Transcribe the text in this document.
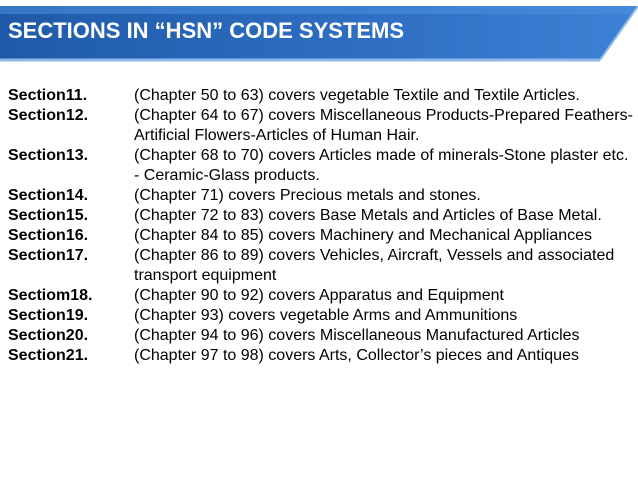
SECTIONS IN “HSN” CODE SYSTEMS
Section11.	(Chapter 50 to 63) covers vegetable Textile and Textile Articles.
Section12.	(Chapter 64 to 67) covers Miscellaneous Products-Prepared Feathers-Artificial Flowers-Articles of Human Hair.
Section13.	(Chapter 68 to 70) covers Articles made of minerals-Stone plaster etc. - Ceramic-Glass products.
Section14.	(Chapter 71) covers Precious metals and stones.
Section15.	(Chapter 72 to 83) covers Base Metals and Articles of Base Metal.
Section16.	(Chapter 84 to 85) covers Machinery and Mechanical Appliances
Section17.	(Chapter 86 to 89) covers Vehicles, Aircraft, Vessels and associated transport equipment
Sectiom18.	(Chapter 90 to 92) covers Apparatus and Equipment
Section19.	(Chapter 93) covers vegetable Arms and Ammunitions
Section20.	(Chapter 94 to 96) covers Miscellaneous Manufactured Articles
Section21.	(Chapter 97 to 98) covers Arts, Collector’s pieces and Antiques
